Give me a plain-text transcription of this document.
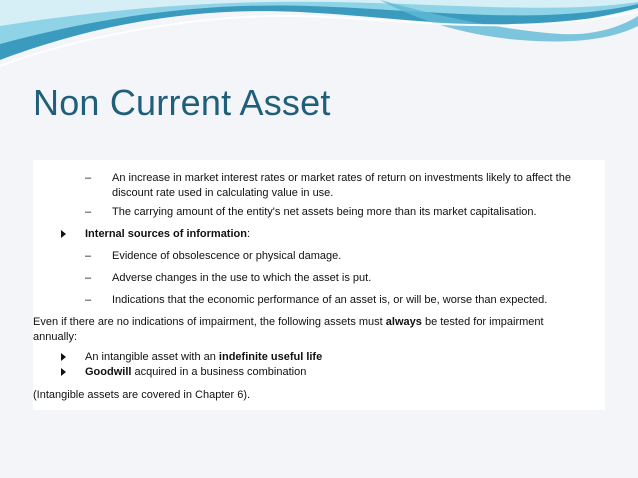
Non Current Asset
– An increase in market interest rates or market rates of return on investments likely to affect the
discount rate used in calculating value in use.
– The carrying amount of the entity's net assets being more than its market capitalisation.
Internal sources of information:
– Evidence of obsolescence or physical damage.
– Adverse changes in the use to which the asset is put.
– Indications that the economic performance of an asset is, or will be, worse than expected.
Even if there are no indications of impairment, the following assets must always be tested for impairment
annually:
An intangible asset with an indefinite useful life
Goodwill acquired in a business combination
(Intangible assets are covered in Chapter 6).
